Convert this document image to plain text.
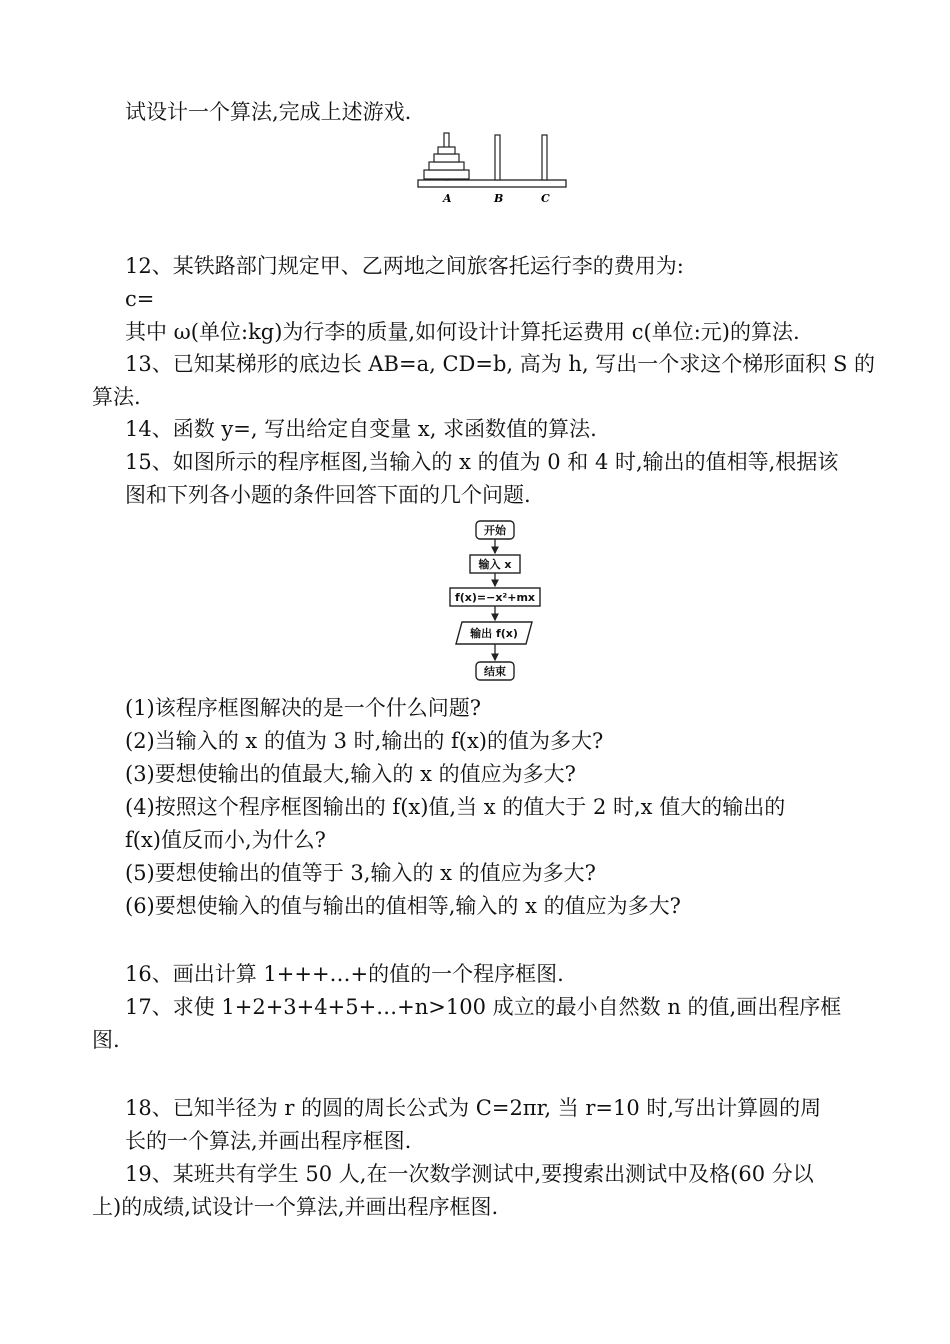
试设计一个算法,完成上述游戏.
A	B	C
12、某铁路部门规定甲、乙两地之间旅客托运行李的费用为:
c=
其中 ω(单位:kg)为行李的质量,如何设计计算托运费用 c(单位:元)的算法.
13、已知某梯形的底边长 AB=a, CD=b, 高为 h, 写出一个求这个梯形面积 S 的
算法.
14、函数 y=, 写出给定自变量 x, 求函数值的算法.
15、如图所示的程序框图,当输入的 x 的值为 0 和 4 时,输出的值相等,根据该
图和下列各小题的条件回答下面的几个问题.
开始
输入 x
f(x)=−x²+mx
输出 f(x)
结束
(1)该程序框图解决的是一个什么问题?
(2)当输入的 x 的值为 3 时,输出的 f(x)的值为多大?
(3)要想使输出的值最大,输入的 x 的值应为多大?
(4)按照这个程序框图输出的 f(x)值,当 x 的值大于 2 时,x 值大的输出的
f(x)值反而小,为什么?
(5)要想使输出的值等于 3,输入的 x 的值应为多大?
(6)要想使输入的值与输出的值相等,输入的 x 的值应为多大?
16、画出计算 1+++…+的值的一个程序框图.
17、求使 1+2+3+4+5+…+n>100 成立的最小自然数 n 的值,画出程序框
图.
18、已知半径为 r 的圆的周长公式为 C=2πr, 当 r=10 时,写出计算圆的周
长的一个算法,并画出程序框图.
19、某班共有学生 50 人,在一次数学测试中,要搜索出测试中及格(60 分以
上)的成绩,试设计一个算法,并画出程序框图.
